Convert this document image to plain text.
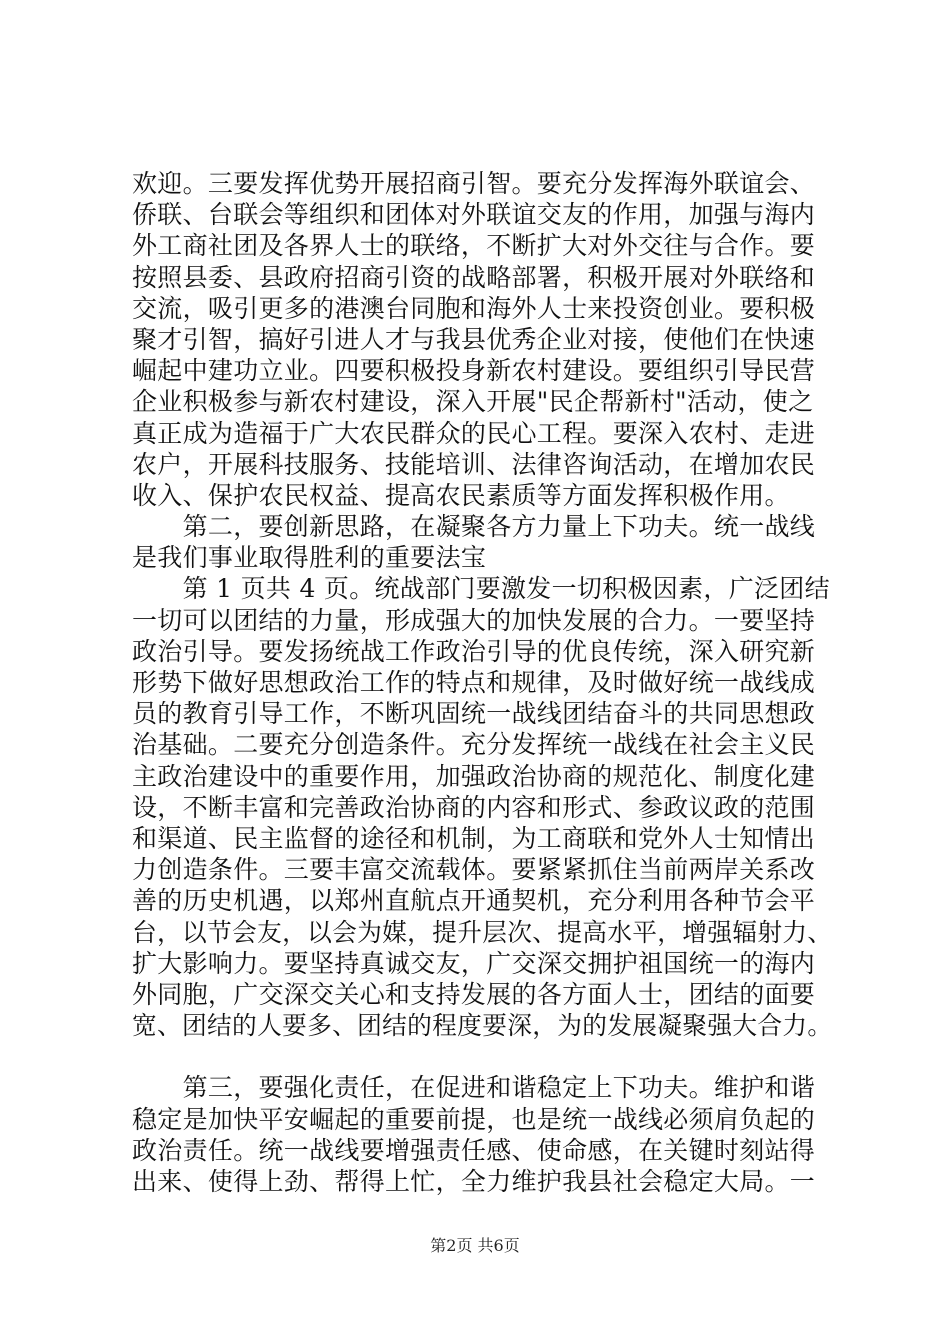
欢迎。三要发挥优势开展招商引智。要充分发挥海外联谊会、
侨联、台联会等组织和团体对外联谊交友的作用，加强与海内
外工商社团及各界人士的联络，不断扩大对外交往与合作。要
按照县委、县政府招商引资的战略部署，积极开展对外联络和
交流，吸引更多的港澳台同胞和海外人士来投资创业。要积极
聚才引智，搞好引进人才与我县优秀企业对接，使他们在快速
崛起中建功立业。四要积极投身新农村建设。要组织引导民营
企业积极参与新农村建设，深入开展"民企帮新村"活动，使之
真正成为造福于广大农民群众的民心工程。要深入农村、走进
农户，开展科技服务、技能培训、法律咨询活动，在增加农民
收入、保护农民权益、提高农民素质等方面发挥积极作用。
　　第二，要创新思路，在凝聚各方力量上下功夫。统一战线
是我们事业取得胜利的重要法宝
　　第 1 页共 4 页。统战部门要激发一切积极因素，广泛团结
一切可以团结的力量，形成强大的加快发展的合力。一要坚持
政治引导。要发扬统战工作政治引导的优良传统，深入研究新
形势下做好思想政治工作的特点和规律，及时做好统一战线成
员的教育引导工作，不断巩固统一战线团结奋斗的共同思想政
治基础。二要充分创造条件。充分发挥统一战线在社会主义民
主政治建设中的重要作用，加强政治协商的规范化、制度化建
设，不断丰富和完善政治协商的内容和形式、参政议政的范围
和渠道、民主监督的途径和机制，为工商联和党外人士知情出
力创造条件。三要丰富交流载体。要紧紧抓住当前两岸关系改
善的历史机遇，以郑州直航点开通契机，充分利用各种节会平
台，以节会友，以会为媒，提升层次、提高水平，增强辐射力、
扩大影响力。要坚持真诚交友，广交深交拥护祖国统一的海内
外同胞，广交深交关心和支持发展的各方面人士，团结的面要
宽、团结的人要多、团结的程度要深，为的发展凝聚强大合力。
　　第三，要强化责任，在促进和谐稳定上下功夫。维护和谐
稳定是加快平安崛起的重要前提，也是统一战线必须肩负起的
政治责任。统一战线要增强责任感、使命感，在关键时刻站得
出来、使得上劲、帮得上忙，全力维护我县社会稳定大局。一
第2页 共6页
